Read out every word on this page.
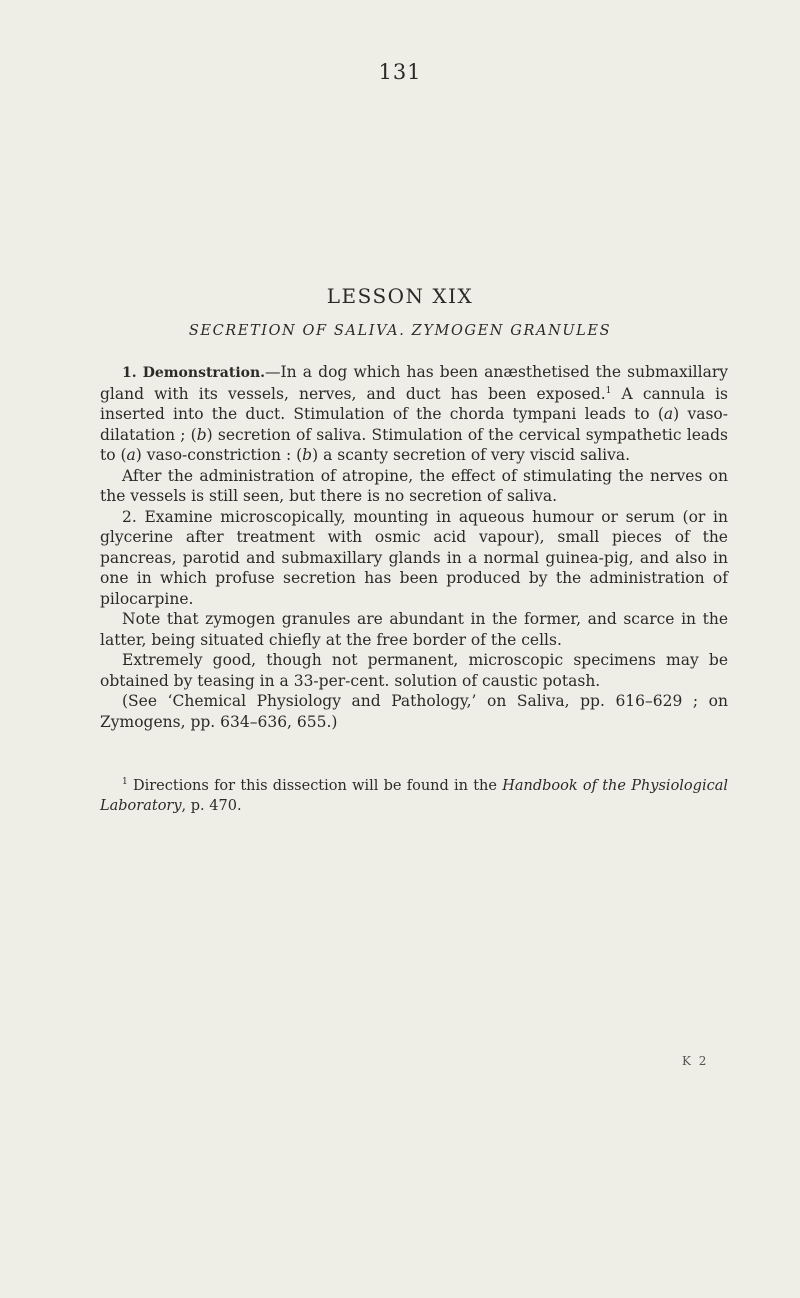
131
LESSON XIX
SECRETION OF SALIVA. ZYMOGEN GRANULES

1. Demonstration.—In a dog which has been anæsthetised the submaxillary gland with its vessels, nerves, and duct has been exposed.$^1$ A cannula is inserted into the duct. Stimulation of the chorda tympani leads to (a) vaso-dilatation ; (b) secretion of saliva. Stimulation of the cervical sympathetic leads to (a) vaso-constriction : (b) a scanty secretion of very viscid saliva.

After the administration of atropine, the effect of stimulating the nerves on the vessels is still seen, but there is no secretion of saliva.

2. Examine microscopically, mounting in aqueous humour or serum (or in glycerine after treatment with osmic acid vapour), small pieces of the pancreas, parotid and submaxillary glands in a normal guinea-pig, and also in one in which profuse secretion has been produced by the administration of pilocarpine.

Note that zymogen granules are abundant in the former, and scarce in the latter, being situated chiefly at the free border of the cells.

Extremely good, though not permanent, microscopic specimens may be obtained by teasing in a 33-per-cent. solution of caustic potash.

(See ‘Chemical Physiology and Pathology,’ on Saliva, pp. 616–629 ; on Zymogens, pp. 634–636, 655.)

$^1$ Directions for this dissection will be found in the Handbook of the Physiological Laboratory, p. 470.
K 2
